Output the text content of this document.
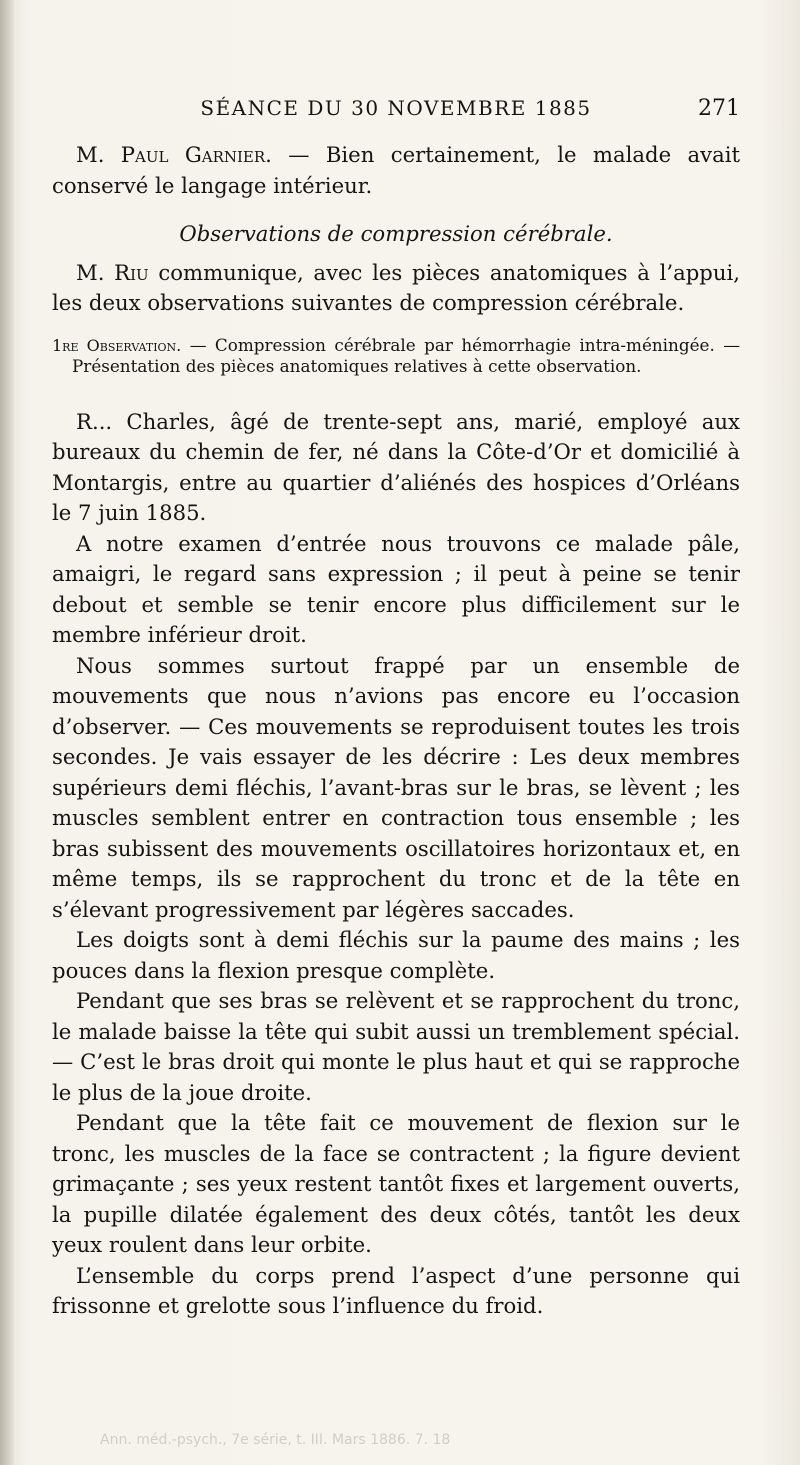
SÉANCE DU 30 NOVEMBRE 1885	271

M. Paul Garnier. — Bien certainement, le malade avait conservé le langage intérieur.

Observations de compression cérébrale.

M. Riu communique, avec les pièces anatomiques à l’appui, les deux observations suivantes de compression cérébrale.

1re Observation. — Compression cérébrale par hémorrhagie intra-méningée. — Présentation des pièces anatomiques relatives à cette observation.

R... Charles, âgé de trente-sept ans, marié, employé aux bureaux du chemin de fer, né dans la Côte-d’Or et domicilié à Montargis, entre au quartier d’aliénés des hospices d’Orléans le 7 juin 1885.

A notre examen d’entrée nous trouvons ce malade pâle, amaigri, le regard sans expression ; il peut à peine se tenir debout et semble se tenir encore plus difficilement sur le membre inférieur droit.

Nous sommes surtout frappé par un ensemble de mouvements que nous n’avions pas encore eu l’occasion d’observer. — Ces mouvements se reproduisent toutes les trois secondes. Je vais essayer de les décrire : Les deux membres supérieurs demi fléchis, l’avant-bras sur le bras, se lèvent ; les muscles semblent entrer en contraction tous ensemble ; les bras subissent des mouvements oscillatoires horizontaux et, en même temps, ils se rapprochent du tronc et de la tête en s’élevant progressivement par légères saccades.

Les doigts sont à demi fléchis sur la paume des mains ; les pouces dans la flexion presque complète.

Pendant que ses bras se relèvent et se rapprochent du tronc, le malade baisse la tête qui subit aussi un tremblement spécial. — C’est le bras droit qui monte le plus haut et qui se rapproche le plus de la joue droite.

Pendant que la tête fait ce mouvement de flexion sur le tronc, les muscles de la face se contractent ; la figure devient grimaçante ; ses yeux restent tantôt fixes et largement ouverts, la pupille dilatée également des deux côtés, tantôt les deux yeux roulent dans leur orbite.

L’ensemble du corps prend l’aspect d’une personne qui frissonne et grelotte sous l’influence du froid.

Ann. méd.-psych., 7e série, t. III. Mars 1886. 7. 18
